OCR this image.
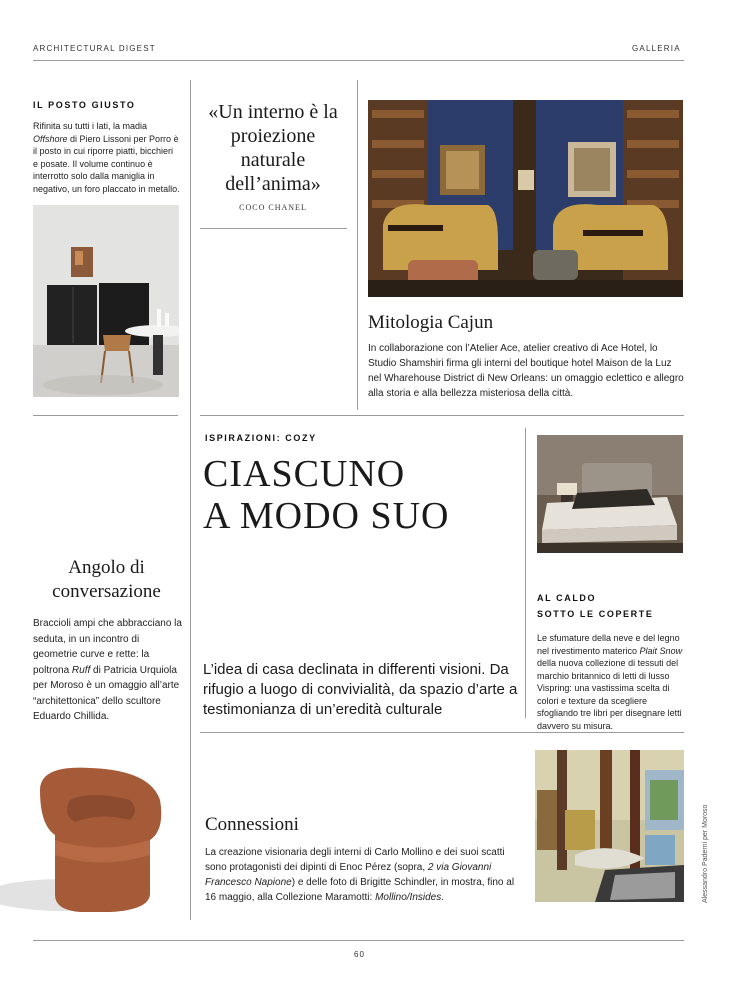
ARCHITECTURAL DIGEST	GALLERIA
IL POSTO GIUSTO
Rifinita su tutti i lati, la madia Offshore di Piero Lissoni per Porro è il posto in cui riporre piatti, bicchieri e posate. Il volume continuo è interrotto solo dalla maniglia in negativo, un foro placcato in metallo.
«Un interno è la proiezione naturale dell’anima»
COCO CHANEL
Mitologia Cajun
In collaborazione con l’Atelier Ace, atelier creativo di Ace Hotel, lo Studio Shamshiri firma gli interni del boutique hotel Maison de la Luz nel Wharehouse District di New Orleans: un omaggio eclettico e allegro alla storia e alla bellezza misteriosa della città.
ISPIRAZIONI: COZY
CIASCUNO
A MODO SUO
L’idea di casa declinata in differenti visioni. Da rifugio a luogo di convivialità, da spazio d’arte a testimonianza di un’eredità culturale
Angolo di
conversazione
Braccioli ampi che abbracciano la seduta, in un incontro di geometrie curve e rette: la poltrona Ruff di Patricia Urquiola per Moroso è un omaggio all’arte “architettonica” dello scultore Eduardo Chillida.
AL CALDO
SOTTO LE COPERTE
Le sfumature della neve e del legno nel rivestimento materico Plait Snow della nuova collezione di tessuti del marchio britannico di letti di lusso Vispring: una vastissima scelta di colori e texture da scegliere sfogliando tre libri per disegnare letti davvero su misura.
Connessioni
La creazione visionaria degli interni di Carlo Mollino e dei suoi scatti sono protagonisti dei dipinti di Enoc Pérez (sopra, 2 via Giovanni Francesco Napione) e delle foto di Brigitte Schindler, in mostra, fino al 16 maggio, alla Collezione Maramotti: Mollino/Insides.	Alessandro Paderni per Moroso
60
